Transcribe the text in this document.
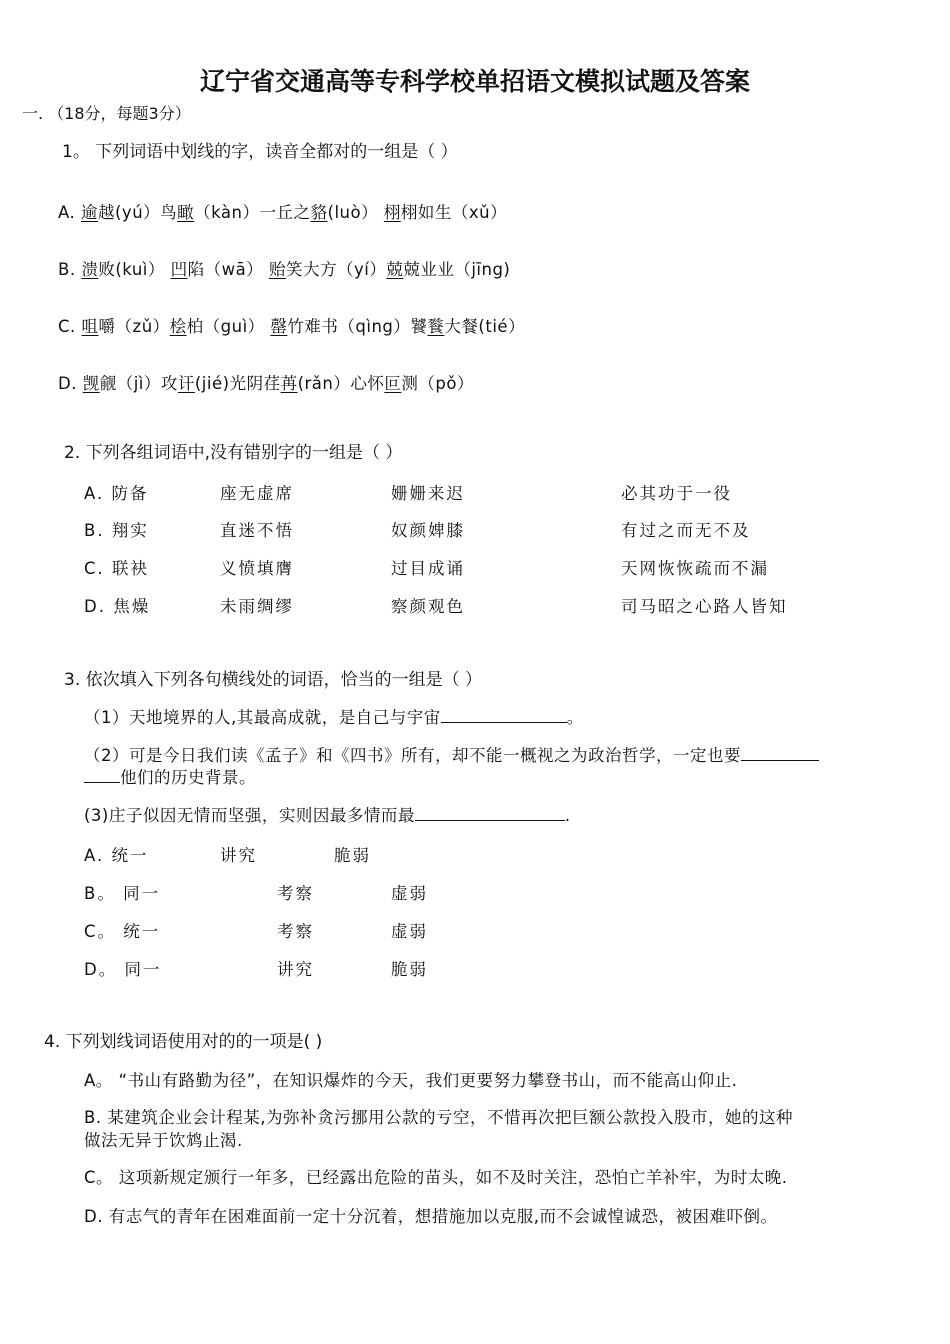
辽宁省交通高等专科学校单招语文模拟试题及答案
一. （18分，每题3分）
1。 下列词语中划线的字，读音全都对的一组是（ ）
A. 逾越(yú）鸟瞰（kàn）一丘之貉(luò） 栩栩如生（xǔ）
B. 溃败(kuì） 凹陷（wā） 贻笑大方（yí）兢兢业业（jīng)
C. 咀嚼（zǔ）桧柏（guì） 罄竹难书（qìng）饕餮大餐(tié）
D. 觊觎（jì）攻讦(jié)光阴荏苒(rǎn）心怀叵测（pǒ）
2. 下列各组词语中,没有错别字的一组是（ ）
A. 防备	座无虚席	姗姗来迟	必其功于一役
B. 翔实	直迷不悟	奴颜婢膝	有过之而无不及
C. 联袂	义愤填膺	过目成诵	天网恢恢疏而不漏
D. 焦燥	未雨绸缪	察颜观色	司马昭之心路人皆知
3. 依次填入下列各句横线处的词语，恰当的一组是（ ）
（1）天地境界的人,其最高成就，是自己与宇宙	。
（2）可是今日我们读《孟子》和《四书》所有，却不能一概视之为政治哲学，一定也要
他们的历史背景。
(3)庄子似因无情而坚强，实则因最多情而最	.
A. 统一	讲究	脆弱
B。 同一	考察	虚弱
C。 统一	考察	虚弱
D。 同一	讲究	脆弱
4. 下列划线词语使用对的的一项是( )
A。 “书山有路勤为径”，在知识爆炸的今天，我们更要努力攀登书山，而不能高山仰止.
B. 某建筑企业会计程某,为弥补贪污挪用公款的亏空，不惜再次把巨额公款投入股市，她的这种
做法无异于饮鸩止渴.
C。 这项新规定颁行一年多，已经露出危险的苗头，如不及时关注，恐怕亡羊补牢，为时太晚.
D. 有志气的青年在困难面前一定十分沉着，想措施加以克服,而不会诚惶诚恐，被困难吓倒。
